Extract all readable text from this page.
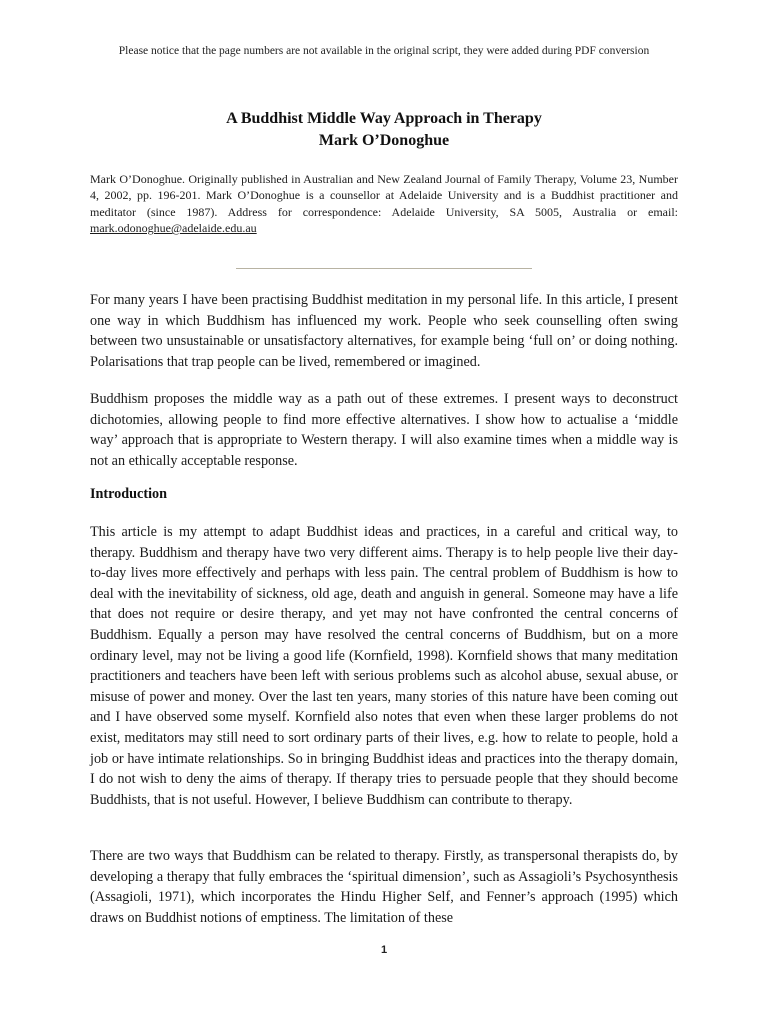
Please notice that the page numbers are not available in the original script, they were added during PDF conversion
A Buddhist Middle Way Approach in Therapy
Mark O’Donoghue
Mark O’Donoghue. Originally published in Australian and New Zealand Journal of Family Therapy, Volume 23, Number 4, 2002, pp. 196-201. Mark O’Donoghue is a counsellor at Adelaide University and is a Buddhist practitioner and meditator (since 1987). Address for correspondence: Adelaide University, SA 5005, Australia or email: mark.odonoghue@adelaide.edu.au
For many years I have been practising Buddhist meditation in my personal life. In this article, I present one way in which Buddhism has influenced my work. People who seek counselling often swing between two unsustainable or unsatisfactory alternatives, for example being ‘full on’ or doing nothing. Polarisations that trap people can be lived, remembered or imagined.
Buddhism proposes the middle way as a path out of these extremes. I present ways to deconstruct dichotomies, allowing people to find more effective alternatives. I show how to actualise a ‘middle way’ approach that is appropriate to Western therapy. I will also examine times when a middle way is not an ethically acceptable response.
Introduction
This article is my attempt to adapt Buddhist ideas and practices, in a careful and critical way, to therapy. Buddhism and therapy have two very different aims. Therapy is to help people live their day-to-day lives more effectively and perhaps with less pain. The central problem of Buddhism is how to deal with the inevitability of sickness, old age, death and anguish in general. Someone may have a life that does not require or desire therapy, and yet may not have confronted the central concerns of Buddhism. Equally a person may have resolved the central concerns of Buddhism, but on a more ordinary level, may not be living a good life (Kornfield, 1998). Kornfield shows that many meditation practitioners and teachers have been left with serious problems such as alcohol abuse, sexual abuse, or misuse of power and money. Over the last ten years, many stories of this nature have been coming out and I have observed some myself. Kornfield also notes that even when these larger problems do not exist, meditators may still need to sort ordinary parts of their lives, e.g. how to relate to people, hold a job or have intimate relationships. So in bringing Buddhist ideas and practices into the therapy domain, I do not wish to deny the aims of therapy. If therapy tries to persuade people that they should become Buddhists, that is not useful. However, I believe Buddhism can contribute to therapy.
There are two ways that Buddhism can be related to therapy. Firstly, as transpersonal therapists do, by developing a therapy that fully embraces the ‘spiritual dimension’, such as Assagioli’s Psychosynthesis (Assagioli, 1971), which incorporates the Hindu Higher Self, and Fenner’s approach (1995) which draws on Buddhist notions of emptiness. The limitation of these
1
